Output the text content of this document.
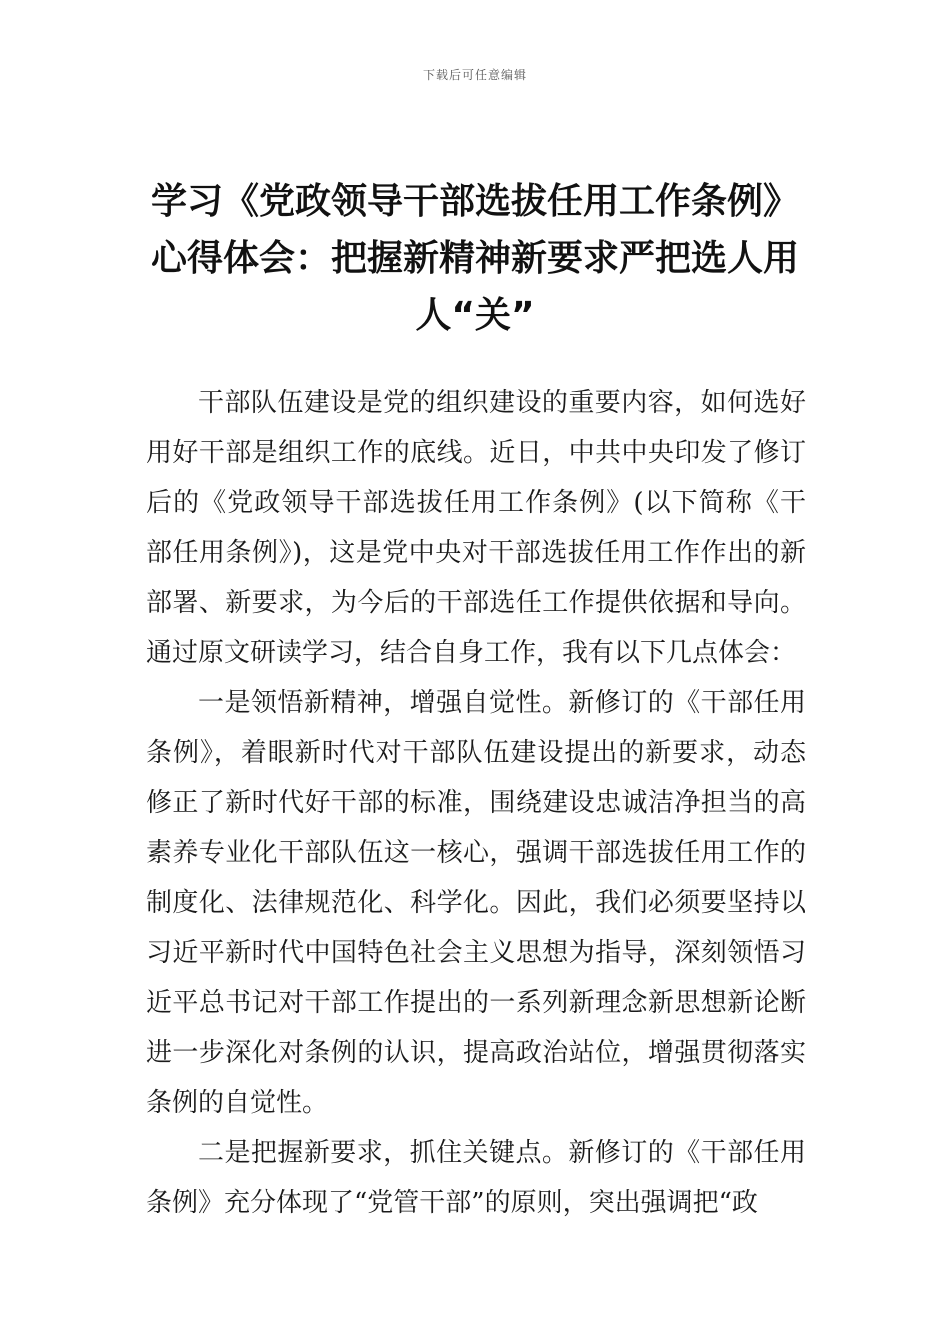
下载后可任意编辑
学习《党政领导干部选拔任用工作条例》
心得体会：把握新精神新要求严把选人用
人“关”

干部队伍建设是党的组织建设的重要内容，如何选好用好干部是组织工作的底线。近日，中共中央印发了修订后的《党政领导干部选拔任用工作条例》(以下简称《干部任用条例》)，这是党中央对干部选拔任用工作作出的新部署、新要求，为今后的干部选任工作提供依据和导向。通过原文研读学习，结合自身工作，我有以下几点体会：

一是领悟新精神，增强自觉性。新修订的《干部任用条例》，着眼新时代对干部队伍建设提出的新要求，动态修正了新时代好干部的标准，围绕建设忠诚洁净担当的高素养专业化干部队伍这一核心，强调干部选拔任用工作的制度化、法律规范化、科学化。因此，我们必须要坚持以习近平新时代中国特色社会主义思想为指导，深刻领悟习近平总书记对干部工作提出的一系列新理念新思想新论断进一步深化对条例的认识，提高政治站位，增强贯彻落实条例的自觉性。

二是把握新要求，抓住关键点。新修订的《干部任用条例》充分体现了“党管干部”的原则，突出强调把“政
